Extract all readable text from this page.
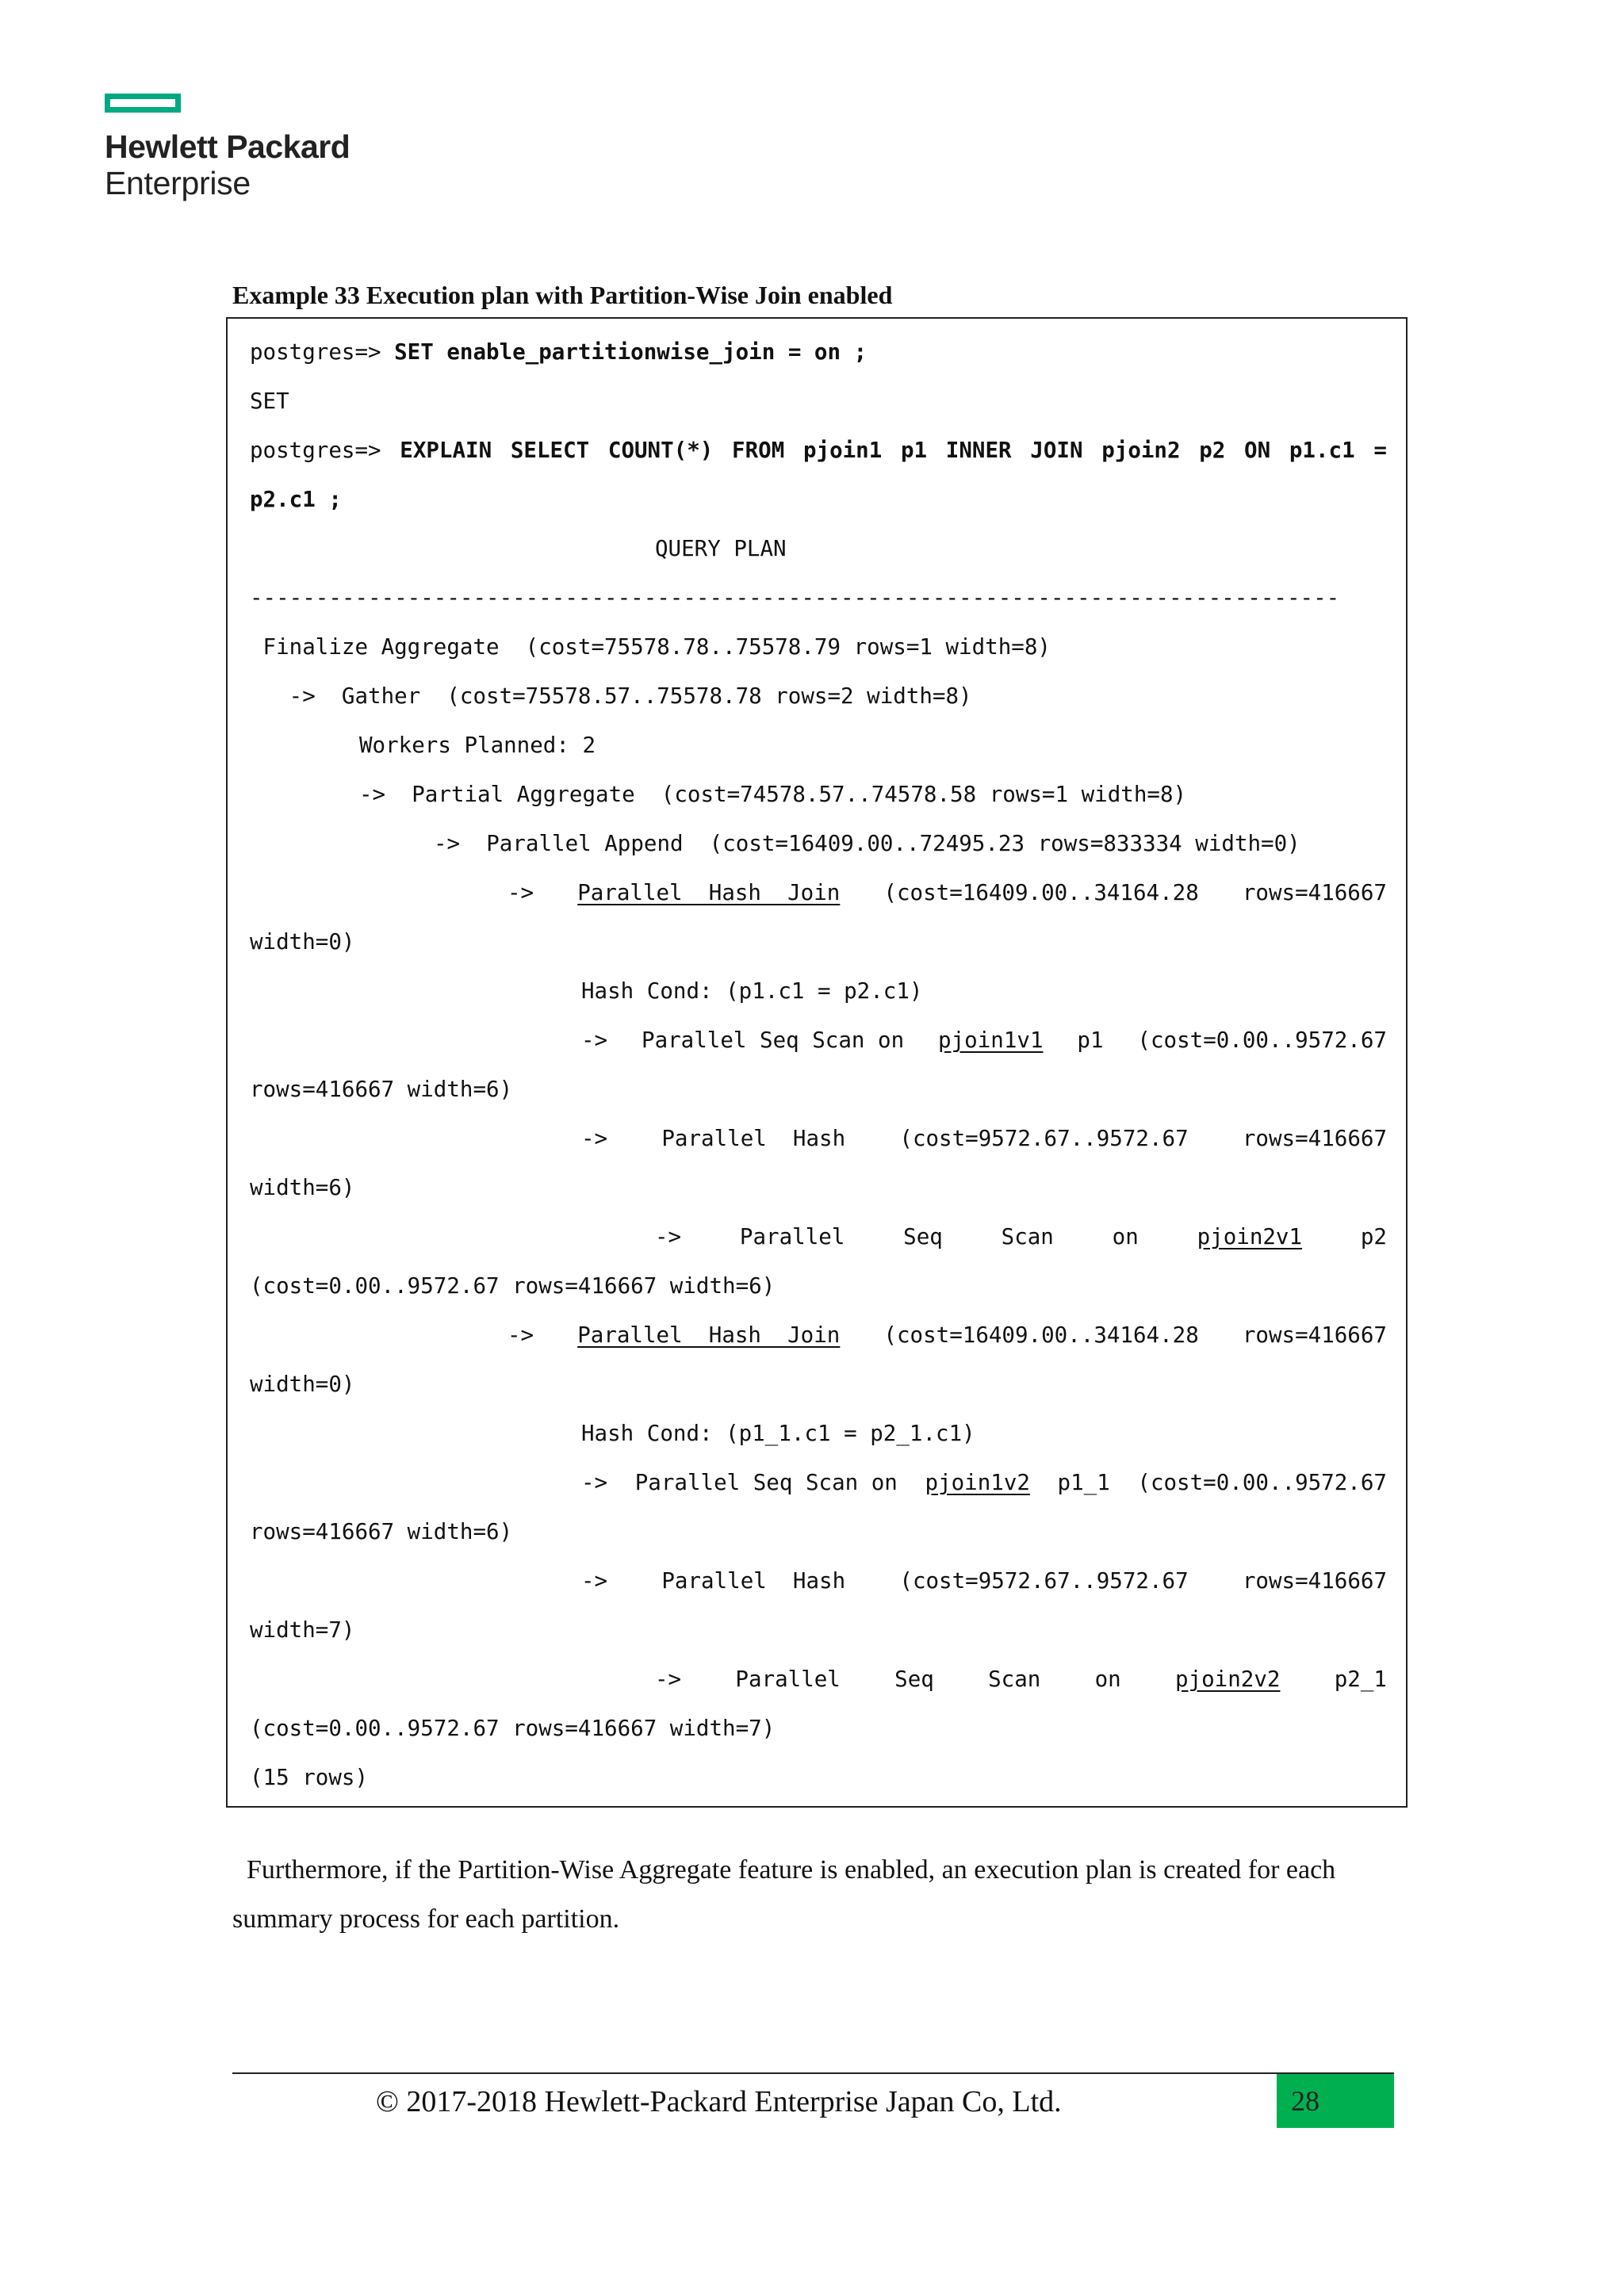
Hewlett Packard
Enterprise
Example 33 Execution plan with Partition-Wise Join enabled
postgres=> SET enable_partitionwise_join = on ;
SET
postgres=> EXPLAIN SELECT COUNT(*) FROM pjoin1 p1 INNER JOIN pjoin2 p2 ON p1.c1 =
p2.c1 ;
QUERY PLAN
-----------------------------------------------------------------------------------
Finalize Aggregate  (cost=75578.78..75578.79 rows=1 width=8)
->  Gather  (cost=75578.57..75578.78 rows=2 width=8)
Workers Planned: 2
->  Partial Aggregate  (cost=74578.57..74578.58 rows=1 width=8)
->  Parallel Append  (cost=16409.00..72495.23 rows=833334 width=0)
-> Parallel  Hash  Join (cost=16409.00..34164.28 rows=416667
width=0)
Hash Cond: (p1.c1 = p2.c1)
-> Parallel Seq Scan on pjoin1v1 p1 (cost=0.00..9572.67
rows=416667 width=6)
-> Parallel  Hash (cost=9572.67..9572.67 rows=416667
width=6)
->	Parallel	Seq	Scan	on	pjoin2v1	p2
(cost=0.00..9572.67 rows=416667 width=6)
-> Parallel  Hash  Join (cost=16409.00..34164.28 rows=416667
width=0)
Hash Cond: (p1_1.c1 = p2_1.c1)
-> Parallel Seq Scan on pjoin1v2 p1_1 (cost=0.00..9572.67
rows=416667 width=6)
-> Parallel  Hash (cost=9572.67..9572.67 rows=416667
width=7)
-> Parallel Seq Scan on pjoin2v2 p2_1
(cost=0.00..9572.67 rows=416667 width=7)
(15 rows)
Furthermore, if the Partition-Wise Aggregate feature is enabled, an execution plan is created for each summary process for each partition.
© 2017-2018 Hewlett-Packard Enterprise Japan Co, Ltd.	28
